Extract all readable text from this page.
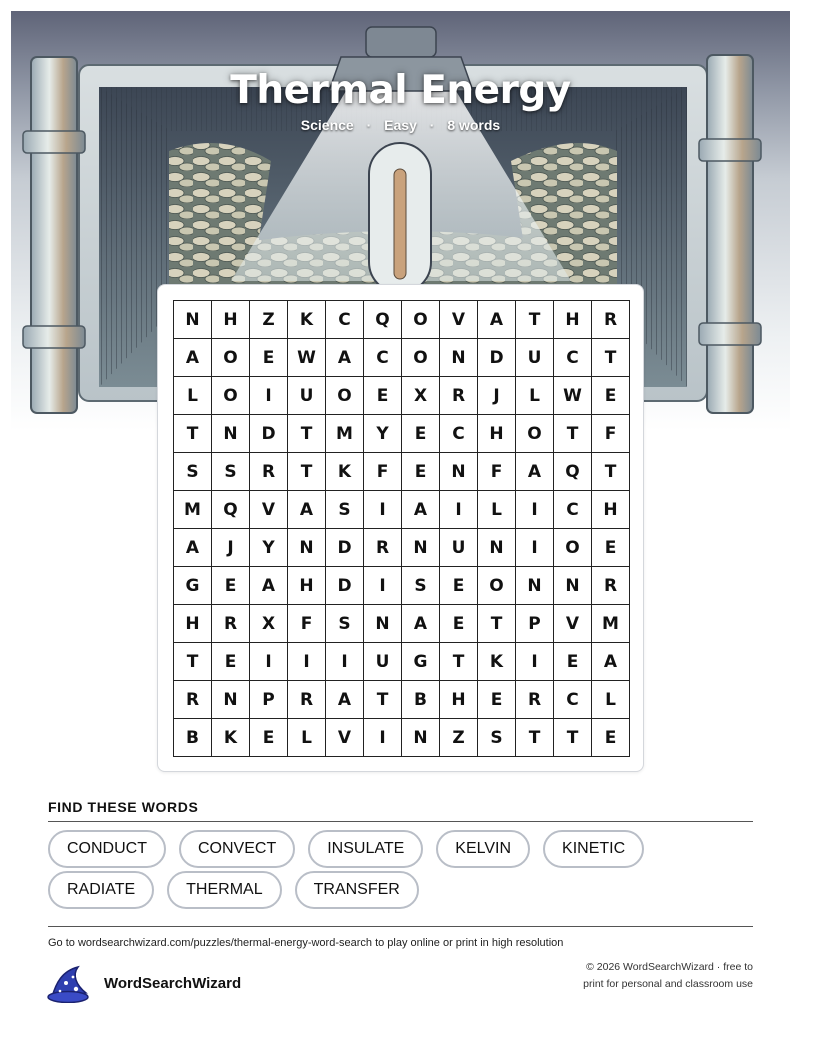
Thermal Energy
Science · Easy · 8 words
N	H	Z	K	C	Q	O	V	A	T	H	R
A	O	E	W	A	C	O	N	D	U	C	T
L	O	I	U	O	E	X	R	J	L	W	E
T	N	D	T	M	Y	E	C	H	O	T	F
S	S	R	T	K	F	E	N	F	A	Q	T
M	Q	V	A	S	I	A	I	L	I	C	H
A	J	Y	N	D	R	N	U	N	I	O	E
G	E	A	H	D	I	S	E	O	N	N	R
H	R	X	F	S	N	A	E	T	P	V	M
T	E	I	I	I	U	G	T	K	I	E	A
R	N	P	R	A	T	B	H	E	R	C	L
B	K	E	L	V	I	N	Z	S	T	T	E
FIND THESE WORDS
CONDUCT	CONVECT	INSULATE	KELVIN	KINETIC
RADIATE	THERMAL	TRANSFER
Go to wordsearchwizard.com/puzzles/thermal-energy-word-search to play online or print in high resolution
WordSearchWizard
© 2026 WordSearchWizard · free to print for personal and classroom use
